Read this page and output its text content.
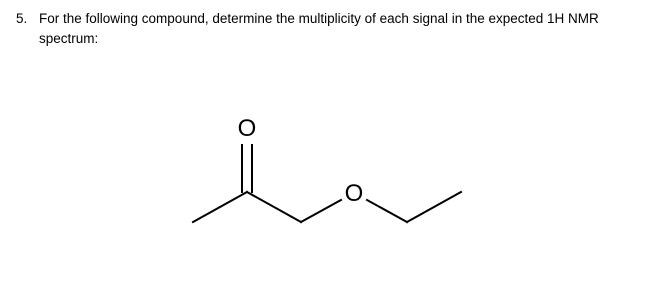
5. For the following compound, determine the multiplicity of each signal in the expected 1H NMR spectrum:
O
O
